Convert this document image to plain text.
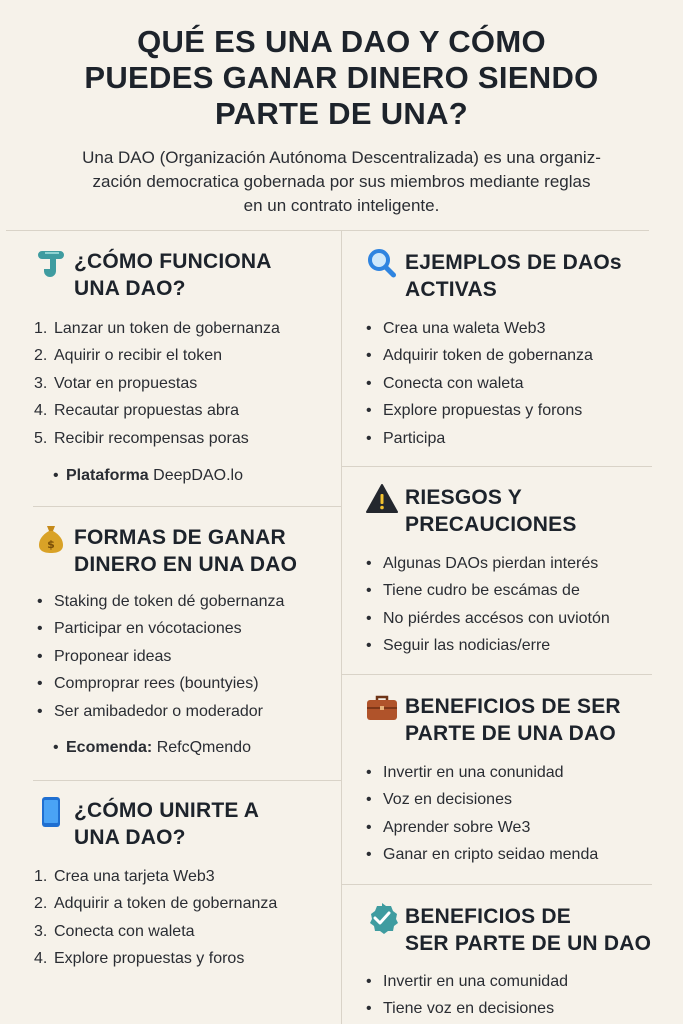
QUÉ ES UNA DAO Y CÓMO
PUEDES GANAR DINERO SIENDO
PARTE DE UNA?
Una DAO (Organización Autónoma Descentralizada) es una organiz-
zación democratica gobernada por sus miembros mediante reglas
en un contrato inteligente.
¿CÓMO FUNCIONA
UNA DAO?
1. Lanzar un token de gobernanza
2. Aquirir o recibir el token
3. Votar en propuestas
4. Recautar propuestas abra
5. Recibir recompensas poras
• Plataforma DeepDAO.lo
$ FORMAS DE GANAR
DINERO EN UNA DAO
• Staking de token dé gobernanza
• Participar en vócotaciones
• Proponear ideas
• Comproprar rees (bountyies)
• Ser amibadedor o moderador
• Ecomenda: RefcQmendo
¿CÓMO UNIRTE A
UNA DAO?
1. Crea una tarjeta Web3
2. Adquirir a token de gobernanza
3. Conecta con waleta
4. Explore propuestas y foros
EJEMPLOS DE DAOs
ACTIVAS
• Crea una waleta Web3
• Adquirir token de gobernanza
• Conecta con waleta
• Explore propuestas y forons
• Participa
RIESGOS Y
PRECAUCIONES
• Algunas DAOs pierdan interés
• Tiene cudro be escámas de
• No piérdes accésos con uviotón
• Seguir las nodicias/erre
BENEFICIOS DE SER
PARTE DE UNA DAO
• Invertir en una conunidad
• Voz en decisiones
• Aprender sobre We3
• Ganar en cripto seidao menda
BENEFICIOS DE
SER PARTE DE UN DAO
• Invertir en una comunidad
• Tiene voz en decisiones
